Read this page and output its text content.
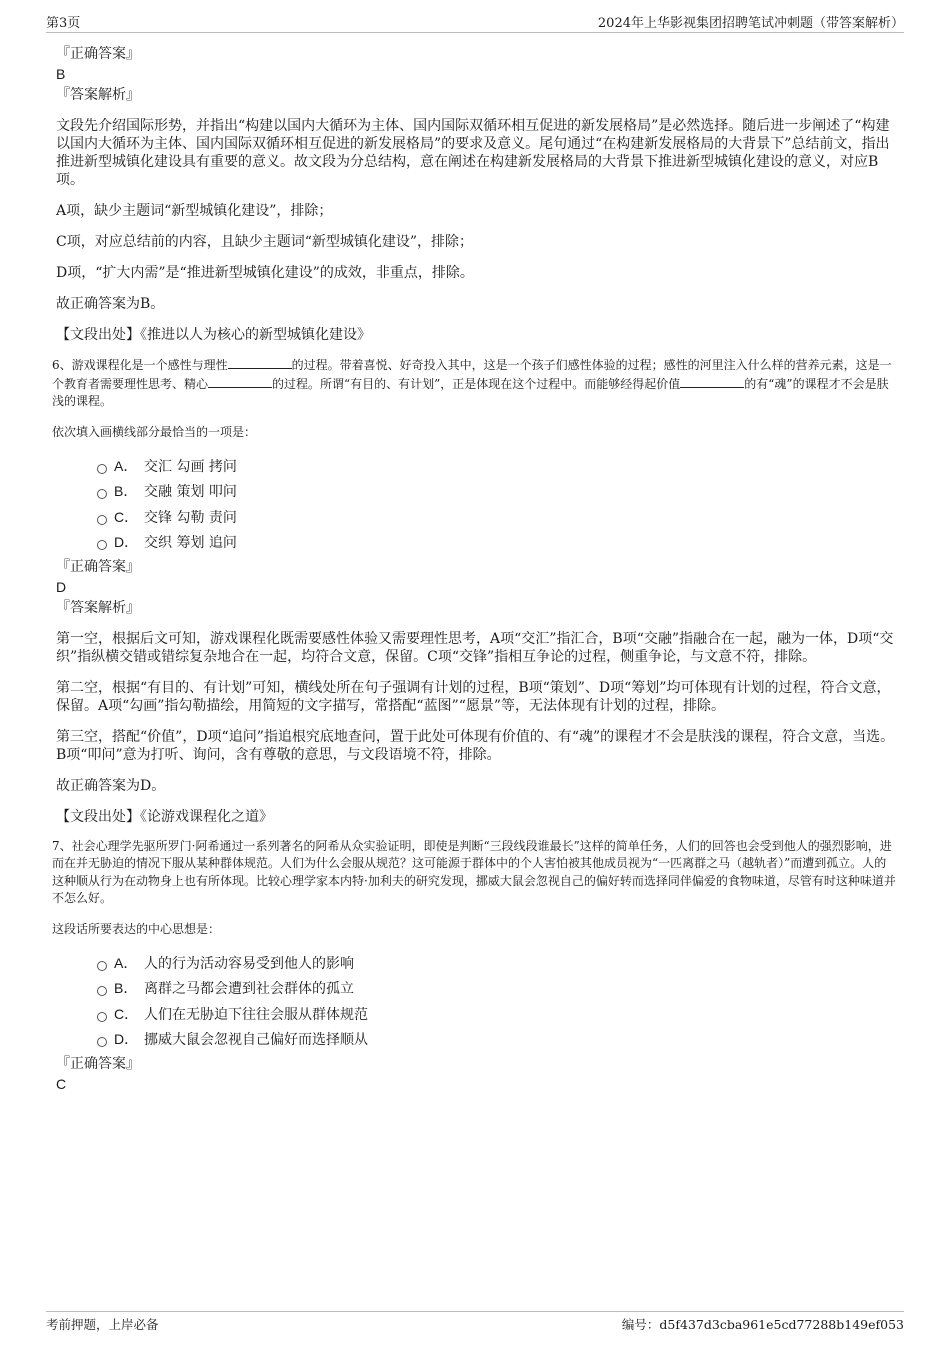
第3页	2024年上华影视集团招聘笔试冲刺题（带答案解析）
『正确答案』
B
『答案解析』

文段先介绍国际形势，并指出“构建以国内大循环为主体、国内国际双循环相互促进的新发展格局”是必然选择。随后进一步阐述了“构建以国内大循环为主体、国内国际双循环相互促进的新发展格局”的要求及意义。尾句通过“在构建新发展格局的大背景下”总结前文，指出推进新型城镇化建设具有重要的意义。故文段为分总结构，意在阐述在构建新发展格局的大背景下推进新型城镇化建设的意义，对应B项。

A项，缺少主题词“新型城镇化建设”，排除；

C项，对应总结前的内容，且缺少主题词“新型城镇化建设”，排除；

D项，“扩大内需”是“推进新型城镇化建设”的成效，非重点，排除。

故正确答案为B。

【文段出处】《推进以人为核心的新型城镇化建设》

6、游戏课程化是一个感性与理性	的过程。带着喜悦、好奇投入其中，这是一个孩子们感性体验的过程；感性的河里注入什么样的营养元素，这是一个教育者需要理性思考、精心	的过程。所谓“有目的、有计划”，正是体现在这个过程中。而能够经得起价值	的有“魂”的课程才不会是肤浅的课程。

依次填入画横线部分最恰当的一项是：

A． 交汇 勾画 拷问
B． 交融 策划 叩问
C． 交锋 勾勒 责问
D． 交织 筹划 追问
『正确答案』
D
『答案解析』

第一空，根据后文可知，游戏课程化既需要感性体验又需要理性思考，A项“交汇”指汇合，B项“交融”指融合在一起，融为一体，D项“交织”指纵横交错或错综复杂地合在一起，均符合文意，保留。C项“交锋”指相互争论的过程，侧重争论，与文意不符，排除。

第二空，根据“有目的、有计划”可知，横线处所在句子强调有计划的过程，B项“策划”、D项“筹划”均可体现有计划的过程，符合文意，保留。A项“勾画”指勾勒描绘，用简短的文字描写，常搭配“蓝图”“愿景”等，无法体现有计划的过程，排除。

第三空，搭配“价值”，D项“追问”指追根究底地查问，置于此处可体现有价值的、有“魂”的课程才不会是肤浅的课程，符合文意，当选。B项“叩问”意为打听、询问，含有尊敬的意思，与文段语境不符，排除。

故正确答案为D。

【文段出处】《论游戏课程化之道》

7、社会心理学先驱所罗门·阿希通过一系列著名的阿希从众实验证明，即使是判断“三段线段谁最长”这样的简单任务，人们的回答也会受到他人的强烈影响，进而在并无胁迫的情况下服从某种群体规范。人们为什么会服从规范？这可能源于群体中的个人害怕被其他成员视为“一匹离群之马（越轨者）”而遭到孤立。人的这种顺从行为在动物身上也有所体现。比较心理学家本内特·加利夫的研究发现，挪威大鼠会忽视自己的偏好转而选择同伴偏爱的食物味道，尽管有时这种味道并不怎么好。

这段话所要表达的中心思想是：

A． 人的行为活动容易受到他人的影响
B． 离群之马都会遭到社会群体的孤立
C． 人们在无胁迫下往往会服从群体规范
D． 挪威大鼠会忽视自己偏好而选择顺从
『正确答案』
C
考前押题，上岸必备	编号：d5f437d3cba961e5cd77288b149ef053
